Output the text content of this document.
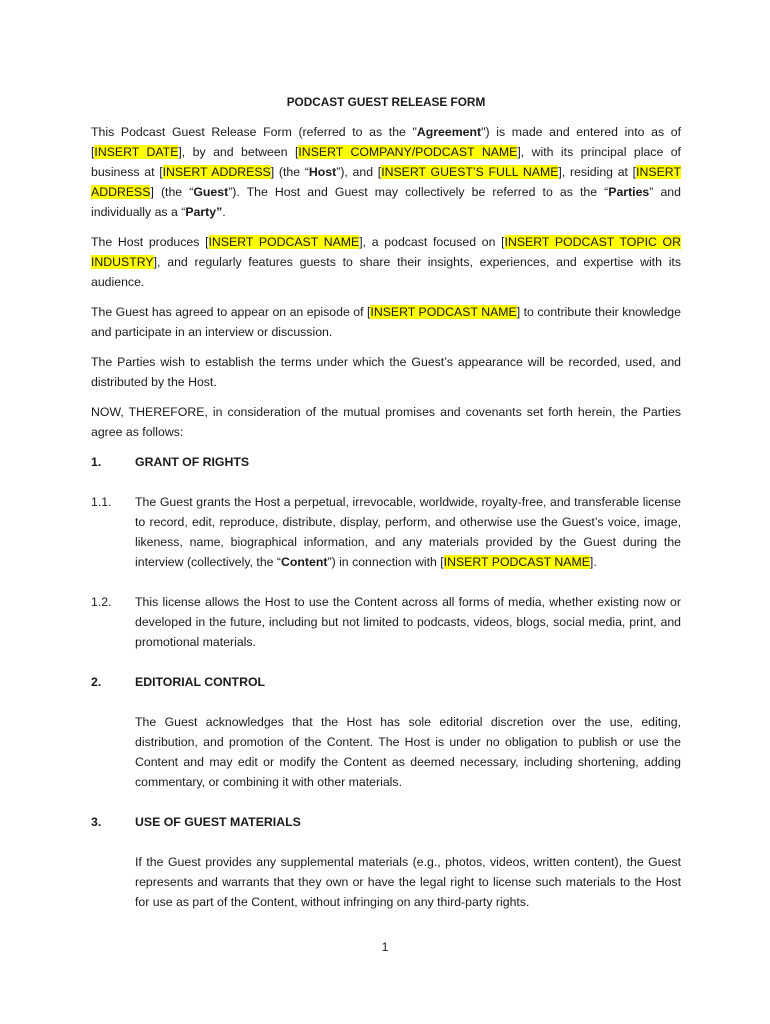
PODCAST GUEST RELEASE FORM

This Podcast Guest Release Form (referred to as the "Agreement") is made and entered into as of [INSERT DATE], by and between [INSERT COMPANY/PODCAST NAME], with its principal place of business at [INSERT ADDRESS] (the “Host”), and [INSERT GUEST’S FULL NAME], residing at [INSERT ADDRESS] (the “Guest”). The Host and Guest may collectively be referred to as the “Parties” and individually as a “Party”.

The Host produces [INSERT PODCAST NAME], a podcast focused on [INSERT PODCAST TOPIC OR INDUSTRY], and regularly features guests to share their insights, experiences, and expertise with its audience.

The Guest has agreed to appear on an episode of [INSERT PODCAST NAME] to contribute their knowledge and participate in an interview or discussion.

The Parties wish to establish the terms under which the Guest’s appearance will be recorded, used, and distributed by the Host.

NOW, THEREFORE, in consideration of the mutual promises and covenants set forth herein, the Parties agree as follows:

1.	GRANT OF RIGHTS
1.1.	The Guest grants the Host a perpetual, irrevocable, worldwide, royalty-free, and transferable license to record, edit, reproduce, distribute, display, perform, and otherwise use the Guest’s voice, image, likeness, name, biographical information, and any materials provided by the Guest during the interview (collectively, the “Content”) in connection with [INSERT PODCAST NAME].
1.2.	This license allows the Host to use the Content across all forms of media, whether existing now or developed in the future, including but not limited to podcasts, videos, blogs, social media, print, and promotional materials.
2.	EDITORIAL CONTROL
The Guest acknowledges that the Host has sole editorial discretion over the use, editing, distribution, and promotion of the Content. The Host is under no obligation to publish or use the Content and may edit or modify the Content as deemed necessary, including shortening, adding commentary, or combining it with other materials.
3.	USE OF GUEST MATERIALS
If the Guest provides any supplemental materials (e.g., photos, videos, written content), the Guest represents and warrants that they own or have the legal right to license such materials to the Host for use as part of the Content, without infringing on any third-party rights.
1
